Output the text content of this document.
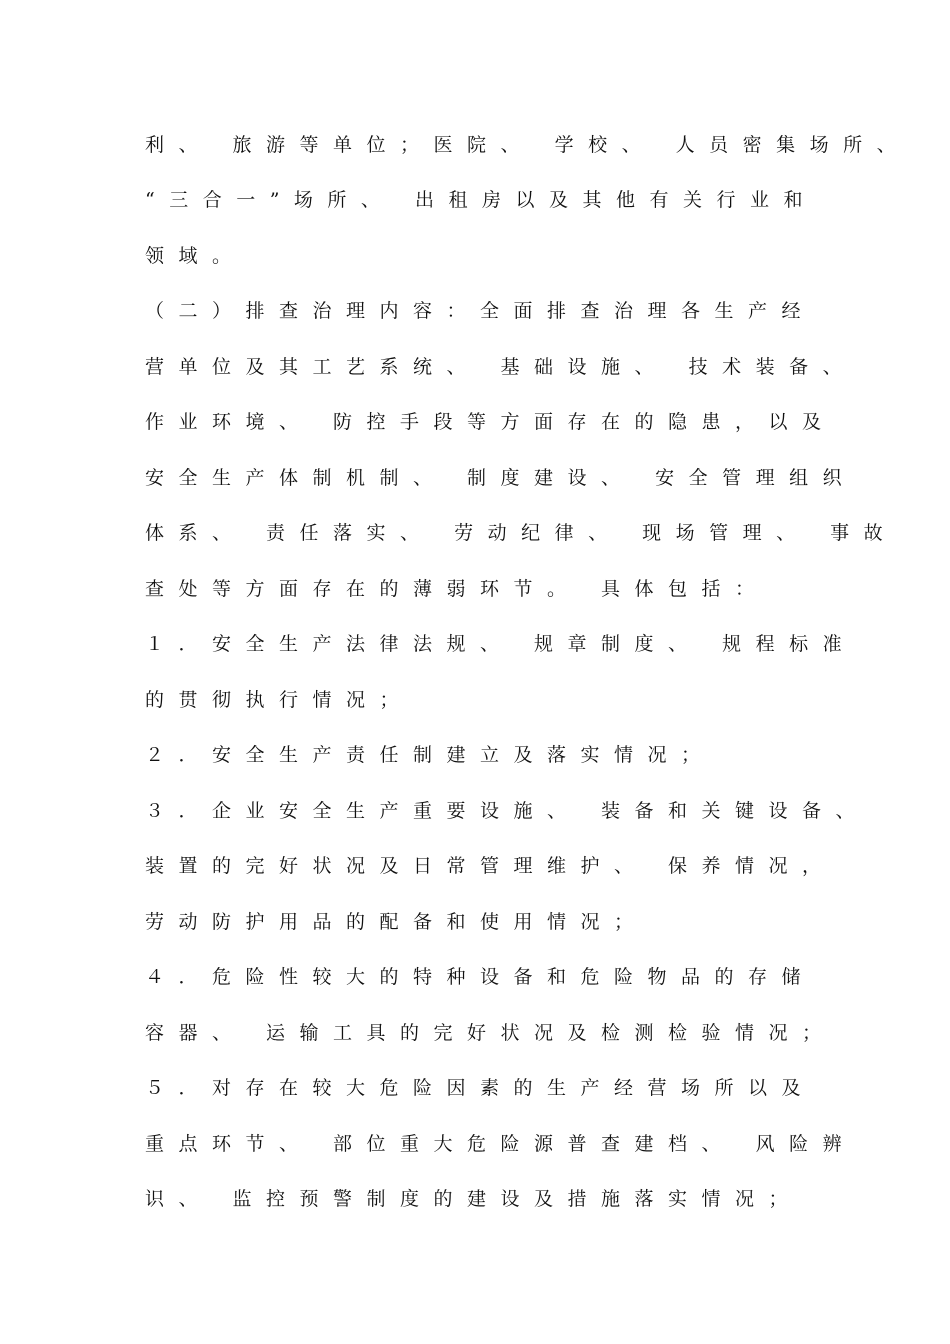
利、 旅游等单位；医院、 学校、 人员密集场所、
“三合一”场所、 出租房以及其他有关行业和
领域。
（二）排查治理内容：全面排查治理各生产经
营单位及其工艺系统、 基础设施、 技术装备、
作业环境、 防控手段等方面存在的隐患，以及
安全生产体制机制、 制度建设、 安全管理组织
体系、 责任落实、 劳动纪律、 现场管理、 事故
查处等方面存在的薄弱环节。 具体包括：
１．安全生产法律法规、 规章制度、 规程标准
的贯彻执行情况；
２．安全生产责任制建立及落实情况；
３．企业安全生产重要设施、 装备和关键设备、
装置的完好状况及日常管理维护、 保养情况，
劳动防护用品的配备和使用情况；
４．危险性较大的特种设备和危险物品的存储
容器、 运输工具的完好状况及检测检验情况；
５．对存在较大危险因素的生产经营场所以及
重点环节、 部位重大危险源普查建档、 风险辨
识、 监控预警制度的建设及措施落实情况；
